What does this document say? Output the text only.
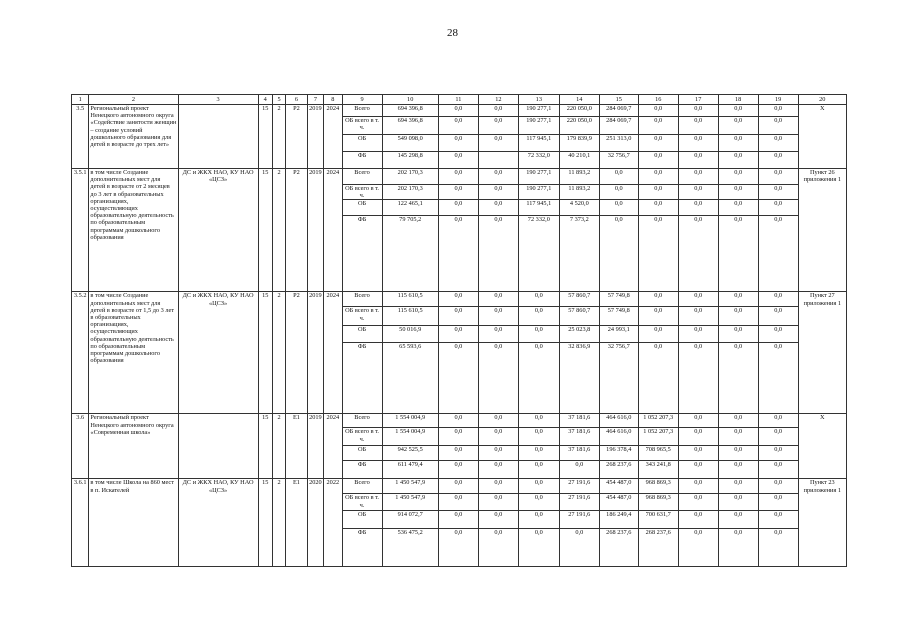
28
1	2	3	4	5	6	7	8	9	10	11	12	13	14	15	16	17	18	19	20
3.5	Региональный проект Ненецкого автономного округа «Содействие занятости женщин – создание условий дошкольного образования для детей в возрасте до трех лет»		15	2	P2	2019	2024	Всего	694 396,8	0,0	0,0	190 277,1	220 050,0	284 069,7	0,0	0,0	0,0	0,0	X
								ОБ всего в т. ч.	694 396,8	0,0	0,0	190 277,1	220 050,0	284 069,7	0,0	0,0	0,0	0,0	
								ОБ	549 098,0	0,0	0,0	117 945,1	179 839,9	251 313,0	0,0	0,0	0,0	0,0	
								ФБ	145 298,8	0,0		72 332,0	40 210,1	32 756,7	0,0	0,0	0,0	0,0	
3.5.1	в том числе Создание дополнительных мест для детей в возрасте от 2 месяцев до 3 лет в образовательных организациях, осуществляющих образовательную деятельность по образовательным программам дошкольного образования	ДС и ЖКХ НАО, КУ НАО «ЦСЗ»	15	2	P2	2019	2024	Всего	202 170,3	0,0	0,0	190 277,1	11 893,2	0,0	0,0	0,0	0,0	0,0	Пункт 26 приложения 1
								ОБ всего в т. ч.	202 170,3	0,0	0,0	190 277,1	11 893,2	0,0	0,0	0,0	0,0	0,0	
								ОБ	122 465,1	0,0	0,0	117 945,1	4 520,0	0,0	0,0	0,0	0,0	0,0	
								ФБ	79 705,2	0,0	0,0	72 332,0	7 373,2	0,0	0,0	0,0	0,0	0,0	
3.5.2	в том числе Создание дополнительных мест для детей в возрасте от 1,5 до 3 лет в образовательных организациях, осуществляющих образовательную деятельность по образовательным программам дошкольного образования	ДС и ЖКХ НАО, КУ НАО «ЦСЗ»	15	2	P2	2019	2024	Всего	115 610,5	0,0	0,0	0,0	57 860,7	57 749,8	0,0	0,0	0,0	0,0	Пункт 27 приложения 1
								ОБ всего в т. ч.	115 610,5	0,0	0,0	0,0	57 860,7	57 749,8	0,0	0,0	0,0	0,0	
								ОБ	50 016,9	0,0	0,0	0,0	25 023,8	24 993,1	0,0	0,0	0,0	0,0	
								ФБ	65 593,6	0,0	0,0	0,0	32 836,9	32 756,7	0,0	0,0	0,0	0,0	
3.6	Региональный проект Ненецкого автономного округа «Современная школа»		15	2	E1	2019	2024	Всего	1 554 004,9	0,0	0,0	0,0	37 181,6	464 616,0	1 052 207,3	0,0	0,0	0,0	X
								ОБ всего в т. ч.	1 554 004,9	0,0	0,0	0,0	37 181,6	464 616,0	1 052 207,3	0,0	0,0	0,0	
								ОБ	942 525,5	0,0	0,0	0,0	37 181,6	196 378,4	708 965,5	0,0	0,0	0,0	
								ФБ	611 479,4	0,0	0,0	0,0	0,0	268 237,6	343 241,8	0,0	0,0	0,0	
3.6.1	в том числе Школа на 860 мест в п. Искателей	ДС и ЖКХ НАО, КУ НАО «ЦСЗ»	15	2	E1	2020	2022	Всего	1 450 547,9	0,0	0,0	0,0	27 191,6	454 487,0	968 869,3	0,0	0,0	0,0	Пункт 23 приложения 1
								ОБ всего в т. ч.	1 450 547,9	0,0	0,0	0,0	27 191,6	454 487,0	968 869,3	0,0	0,0	0,0	
								ОБ	914 072,7	0,0	0,0	0,0	27 191,6	186 249,4	700 631,7	0,0	0,0	0,0	
								ФБ	536 475,2	0,0	0,0	0,0	0,0	268 237,6	268 237,6	0,0	0,0	0,0	
